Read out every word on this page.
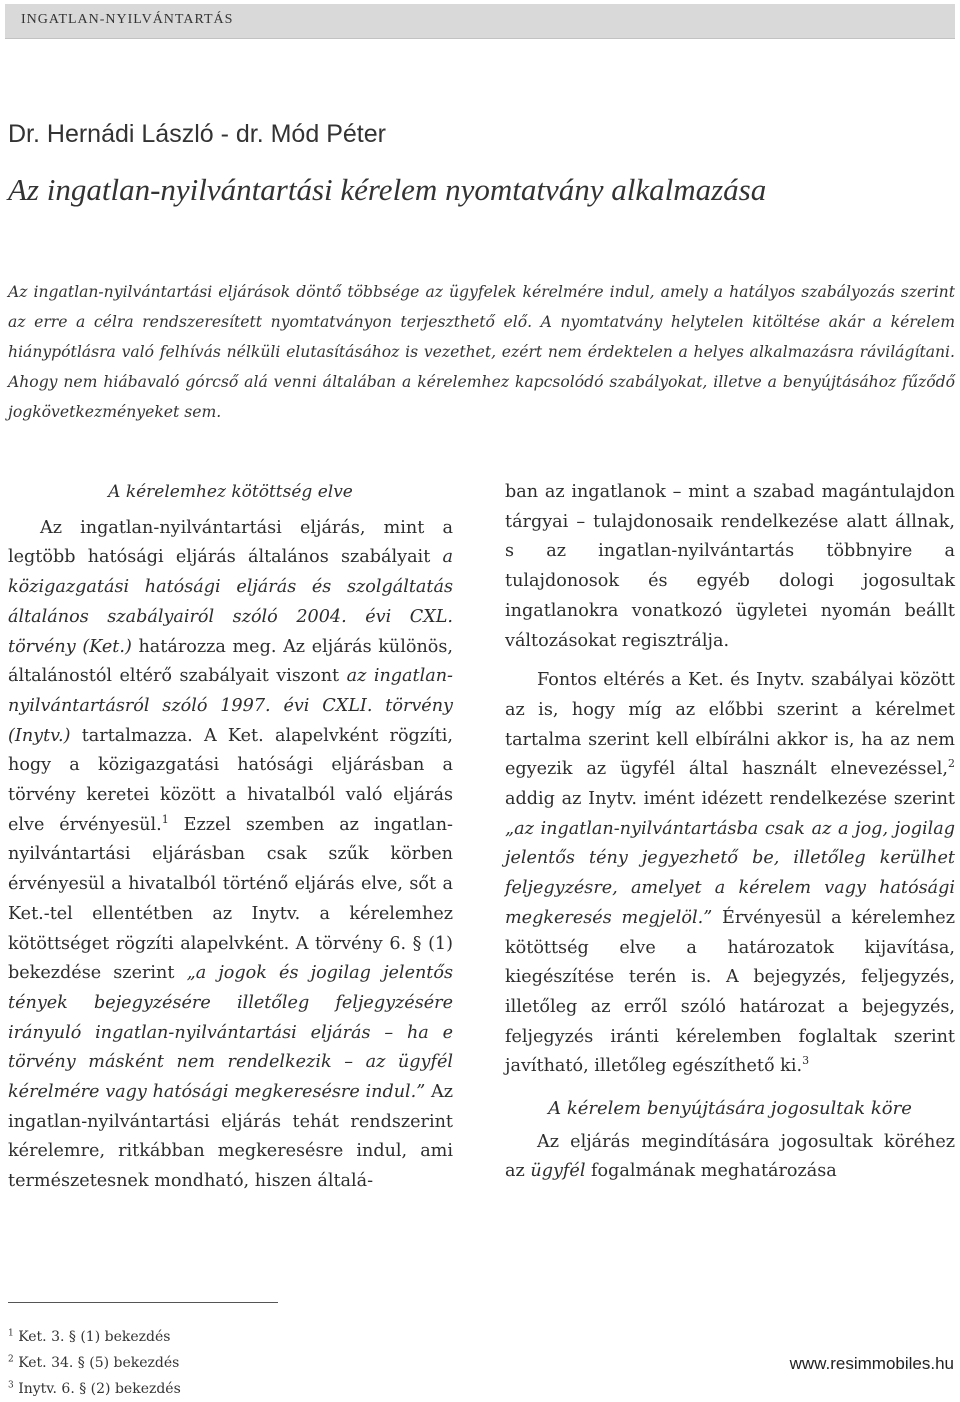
INGATLAN-NYILVÁNTARTÁS
Dr. Hernádi László - dr. Mód Péter
Az ingatlan-nyilvántartási kérelem nyomtatvány alkalmazása
Az ingatlan-nyilvántartási eljárások döntő többsége az ügyfelek kérelmére indul, amely a hatályos szabályozás szerint az erre a célra rendszeresített nyomtatványon terjeszthető elő. A nyomtatvány helytelen kitöltése akár a kérelem hiánypótlásra való felhívás nélküli elutasításához is vezethet, ezért nem érdektelen a helyes alkalmazásra rávilágítani. Ahogy nem hiábavaló górcső alá venni általában a kérelemhez kapcsolódó szabályokat, illetve a benyújtásához fűződő jogkövetkezményeket sem.
A kérelemhez kötöttség elve

Az ingatlan-nyilvántartási eljárás, mint a legtöbb hatósági eljárás általános szabályait a közigazgatási hatósági eljárás és szolgáltatás általános szabályairól szóló 2004. évi CXL. törvény (Ket.) határozza meg. Az eljárás különös, általánostól eltérő szabályait viszont az ingatlan-nyilvántartásról szóló 1997. évi CXLI. törvény (Inytv.) tartalmazza. A Ket. alapelvként rögzíti, hogy a közigazgatási hatósági eljárásban a törvény keretei között a hivatalból való eljárás elve érvényesül.$^1$ Ezzel szemben az ingatlan-nyilvántartási eljárásban csak szűk körben érvényesül a hivatalból történő eljárás elve, sőt a Ket.-tel ellentétben az Inytv. a kérelemhez kötöttséget rögzíti alapelvként. A törvény 6. § (1) bekezdése szerint „a jogok és jogilag jelentős tények bejegyzésére illetőleg feljegyzésére irányuló ingatlan-nyilvántartási eljárás – ha e törvény másként nem rendelkezik – az ügyfél kérelmére vagy hatósági megkeresésre indul.” Az ingatlan-nyilvántartási eljárás tehát rendszerint kérelemre, ritkábban megkeresésre indul, ami természetesnek mondható, hiszen általá-

ban az ingatlanok – mint a szabad magántulajdon tárgyai – tulajdonosaik rendelkezése alatt állnak, s az ingatlan-nyilvántartás többnyire a tulajdonosok és egyéb dologi jogosultak ingatlanokra vonatkozó ügyletei nyomán beállt változásokat regisztrálja.

Fontos eltérés a Ket. és Inytv. szabályai között az is, hogy míg az előbbi szerint a kérelmet tartalma szerint kell elbírálni akkor is, ha az nem egyezik az ügyfél által használt elnevezéssel,$^2$ addig az Inytv. imént idézett rendelkezése szerint „az ingatlan-nyilvántartásba csak az a jog, jogilag jelentős tény jegyezhető be, illetőleg kerülhet feljegyzésre, amelyet a kérelem vagy hatósági megkeresés megjelöl.” Érvényesül a kérelemhez kötöttség elve a határozatok kijavítása, kiegészítése terén is. A bejegyzés, feljegyzés, illetőleg az erről szóló határozat a bejegyzés, feljegyzés iránti kérelemben foglaltak szerint javítható, illetőleg egészíthető ki.$^3$

A kérelem benyújtására jogosultak köre

Az eljárás megindítására jogosultak köréhez az ügyfél fogalmának meghatározása

$^1$ Ket. 3. § (1) bekezdés
$^2$ Ket. 34. § (5) bekezdés
$^3$ Inytv. 6. § (2) bekezdés
www.resimmobiles.hu
